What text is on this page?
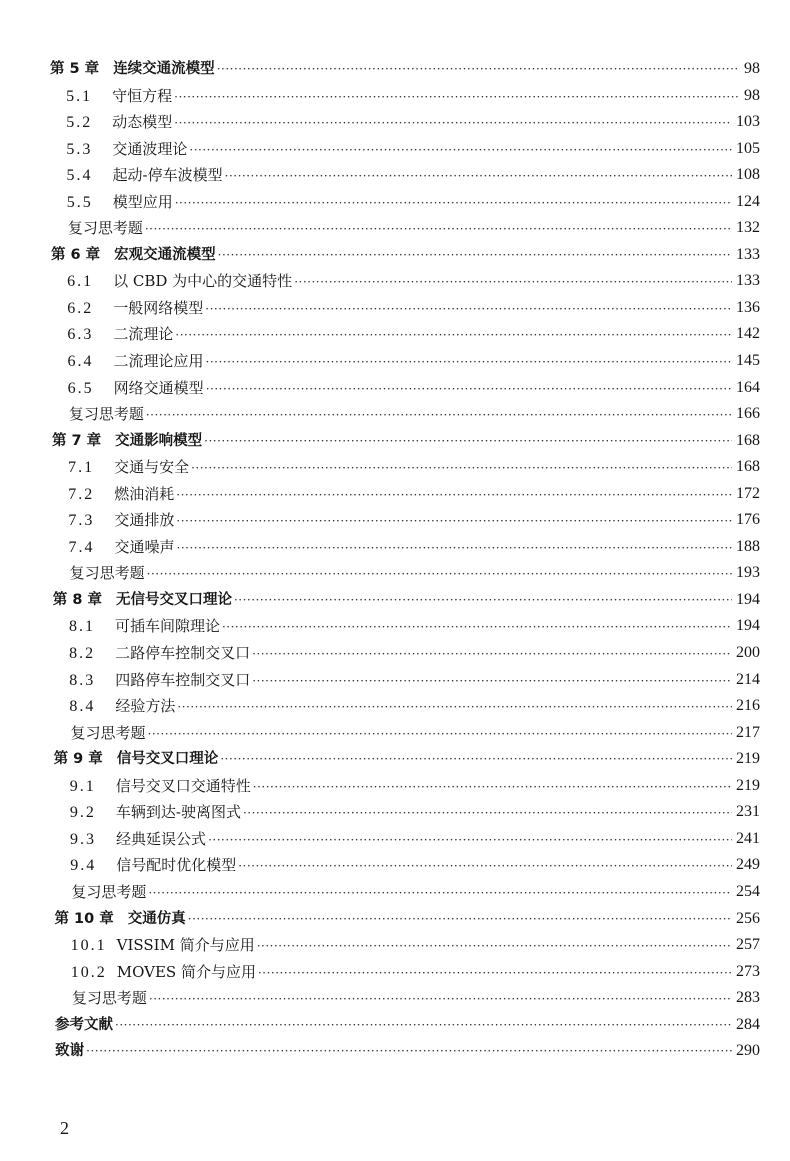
第 5 章 连续交通流模型 ·····	98
5.1 守恒方程 ·····	98
5.2 动态模型 ·····	103
5.3 交通波理论 ·····	105
5.4 起动-停车波模型 ·····	108
5.5 模型应用 ·····	124
复习思考题 ·····	132
第 6 章 宏观交通流模型 ·····	133
6.1 以 CBD 为中心的交通特性 ·····	133
6.2 一般网络模型 ·····	136
6.3 二流理论 ·····	142
6.4 二流理论应用 ·····	145
6.5 网络交通模型 ·····	164
复习思考题 ·····	166
第 7 章 交通影响模型 ·····	168
7.1 交通与安全 ·····	168
7.2 燃油消耗 ·····	172
7.3 交通排放 ·····	176
7.4 交通噪声 ·····	188
复习思考题 ·····	193
第 8 章 无信号交叉口理论 ·····	194
8.1 可插车间隙理论 ·····	194
8.2 二路停车控制交叉口 ·····	200
8.3 四路停车控制交叉口 ·····	214
8.4 经验方法 ·····	216
复习思考题 ·····	217
第 9 章 信号交叉口理论 ·····	219
9.1 信号交叉口交通特性 ·····	219
9.2 车辆到达-驶离图式 ·····	231
9.3 经典延误公式 ·····	241
9.4 信号配时优化模型 ·····	249
复习思考题 ·····	254
第 10 章 交通仿真 ·····	256
10.1 VISSIM 简介与应用 ·····	257
10.2 MOVES 简介与应用 ·····	273
复习思考题 ·····	283
参考文献 ·····	284
致谢 ·····	290
2
